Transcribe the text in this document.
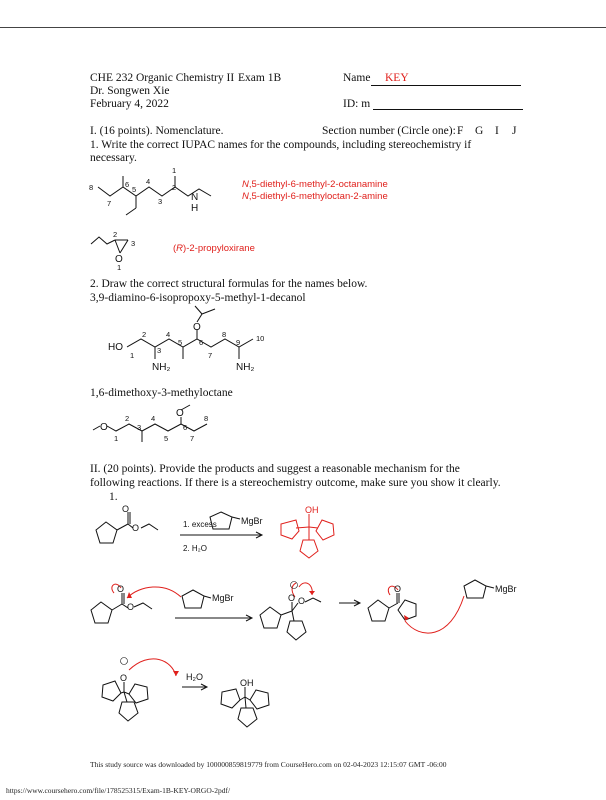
CHE 232 Organic Chemistry II Exam 1B
Dr. Songwen Xie
February 4, 2022
Name KEY
ID: m
I. (16 points). Nomenclature.	Section number (Circle one): F G I J
1. Write the correct IUPAC names for the compounds, including stereochemistry if
necessary.
8
7
6
5
4
3
2
1
N
H
N,5-diethyl-6-methyl-2-octanamine
N,5-diethyl-6-methyloctan-2-amine
2
3
1
O
(R)-2-propyloxirane
2. Draw the correct structural formulas for the names below.
3,9-diamino-6-isopropoxy-5-methyl-1-decanol
HO
NH₂	NH₂
O
1
2
3
4
5 6
7
8
9 10
1,6-dimethoxy-3-methyloctane
O
O
1
2
3
4
5
6
7
8
II. (20 points). Provide the products and suggest a reasonable mechanism for the
following reactions. If there is a stereochemistry outcome, make sure you show it clearly.
1.
OH
O
O
O
O
O O
O
O	OH
MgBr
MgBr
MgBr
H₂O
1. excess
2. H₂O
This study source was downloaded by 100000859819779 from CourseHero.com on 02-04-2023 12:15:07 GMT -06:00
https://www.coursehero.com/file/178525315/Exam-1B-KEY-ORGO-2pdf/
